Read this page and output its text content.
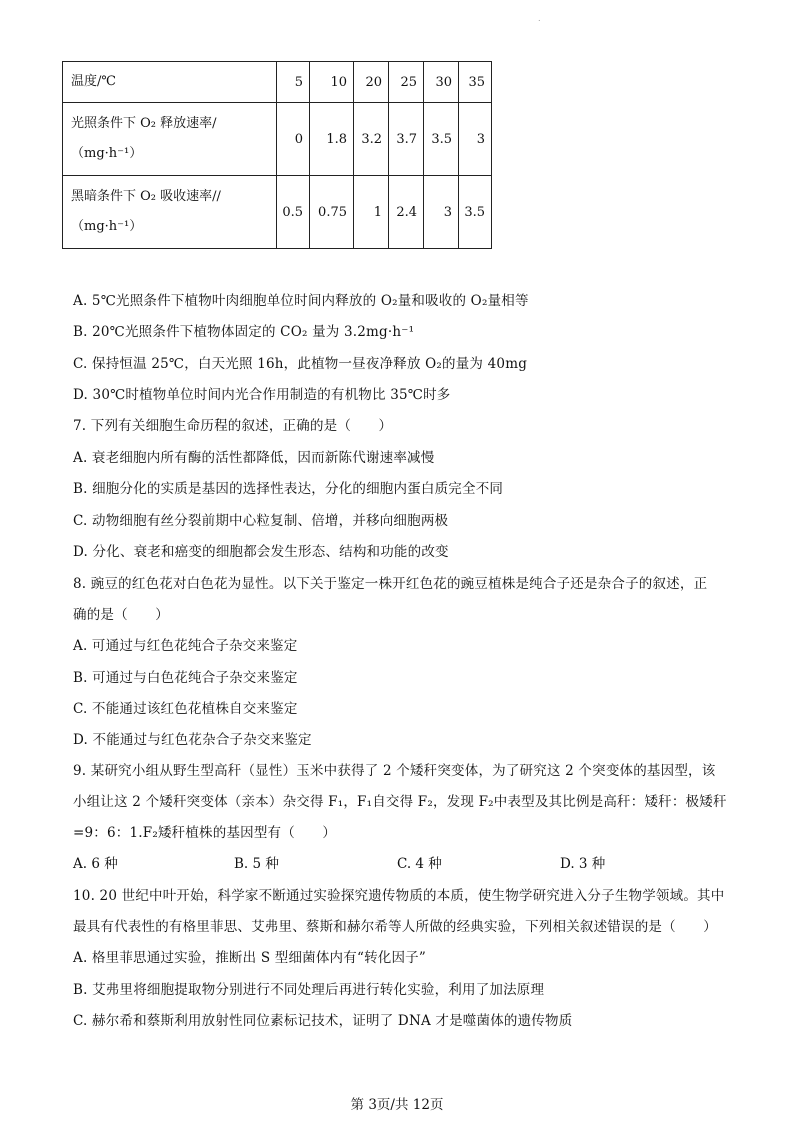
.
温度/℃	5	10	20	25	30	35
光照条件下 O₂ 释放速率/（mg·h⁻¹）	0	1.8	3.2	3.7	3.5	3
黑暗条件下 O₂ 吸收速率//（mg·h⁻¹）	0.5	0.75	1	2.4	3	3.5
A. 5℃光照条件下植物叶肉细胞单位时间内释放的 O₂量和吸收的 O₂量相等
B. 20℃光照条件下植物体固定的 CO₂ 量为 3.2mg·h⁻¹
C. 保持恒温 25℃，白天光照 16h，此植物一昼夜净释放 O₂的量为 40mg
D. 30℃时植物单位时间内光合作用制造的有机物比 35℃时多
7. 下列有关细胞生命历程的叙述，正确的是（　　）
A. 衰老细胞内所有酶的活性都降低，因而新陈代谢速率减慢
B. 细胞分化的实质是基因的选择性表达，分化的细胞内蛋白质完全不同
C. 动物细胞有丝分裂前期中心粒复制、倍增，并移向细胞两极
D. 分化、衰老和癌变的细胞都会发生形态、结构和功能的改变
8. 豌豆的红色花对白色花为显性。以下关于鉴定一株开红色花的豌豆植株是纯合子还是杂合子的叙述，正
确的是（　　）
A. 可通过与红色花纯合子杂交来鉴定
B. 可通过与白色花纯合子杂交来鉴定
C. 不能通过该红色花植株自交来鉴定
D. 不能通过与红色花杂合子杂交来鉴定
9. 某研究小组从野生型高秆（显性）玉米中获得了 2 个矮秆突变体，为了研究这 2 个突变体的基因型，该
小组让这 2 个矮秆突变体（亲本）杂交得 F₁，F₁自交得 F₂，发现 F₂中表型及其比例是高秆：矮秆：极矮秆
=9：6：1.F₂矮秆植株的基因型有（　　）
A. 6 种	B. 5 种	C. 4 种	D. 3 种
10. 20 世纪中叶开始，科学家不断通过实验探究遗传物质的本质，使生物学研究进入分子生物学领域。其中
最具有代表性的有格里菲思、艾弗里、蔡斯和赫尔希等人所做的经典实验，下列相关叙述错误的是（　　）
A. 格里菲思通过实验，推断出 S 型细菌体内有“转化因子”
B. 艾弗里将细胞提取物分别进行不同处理后再进行转化实验，利用了加法原理
C. 赫尔希和蔡斯利用放射性同位素标记技术，证明了 DNA 才是噬菌体的遗传物质
第 3页/共 12页
